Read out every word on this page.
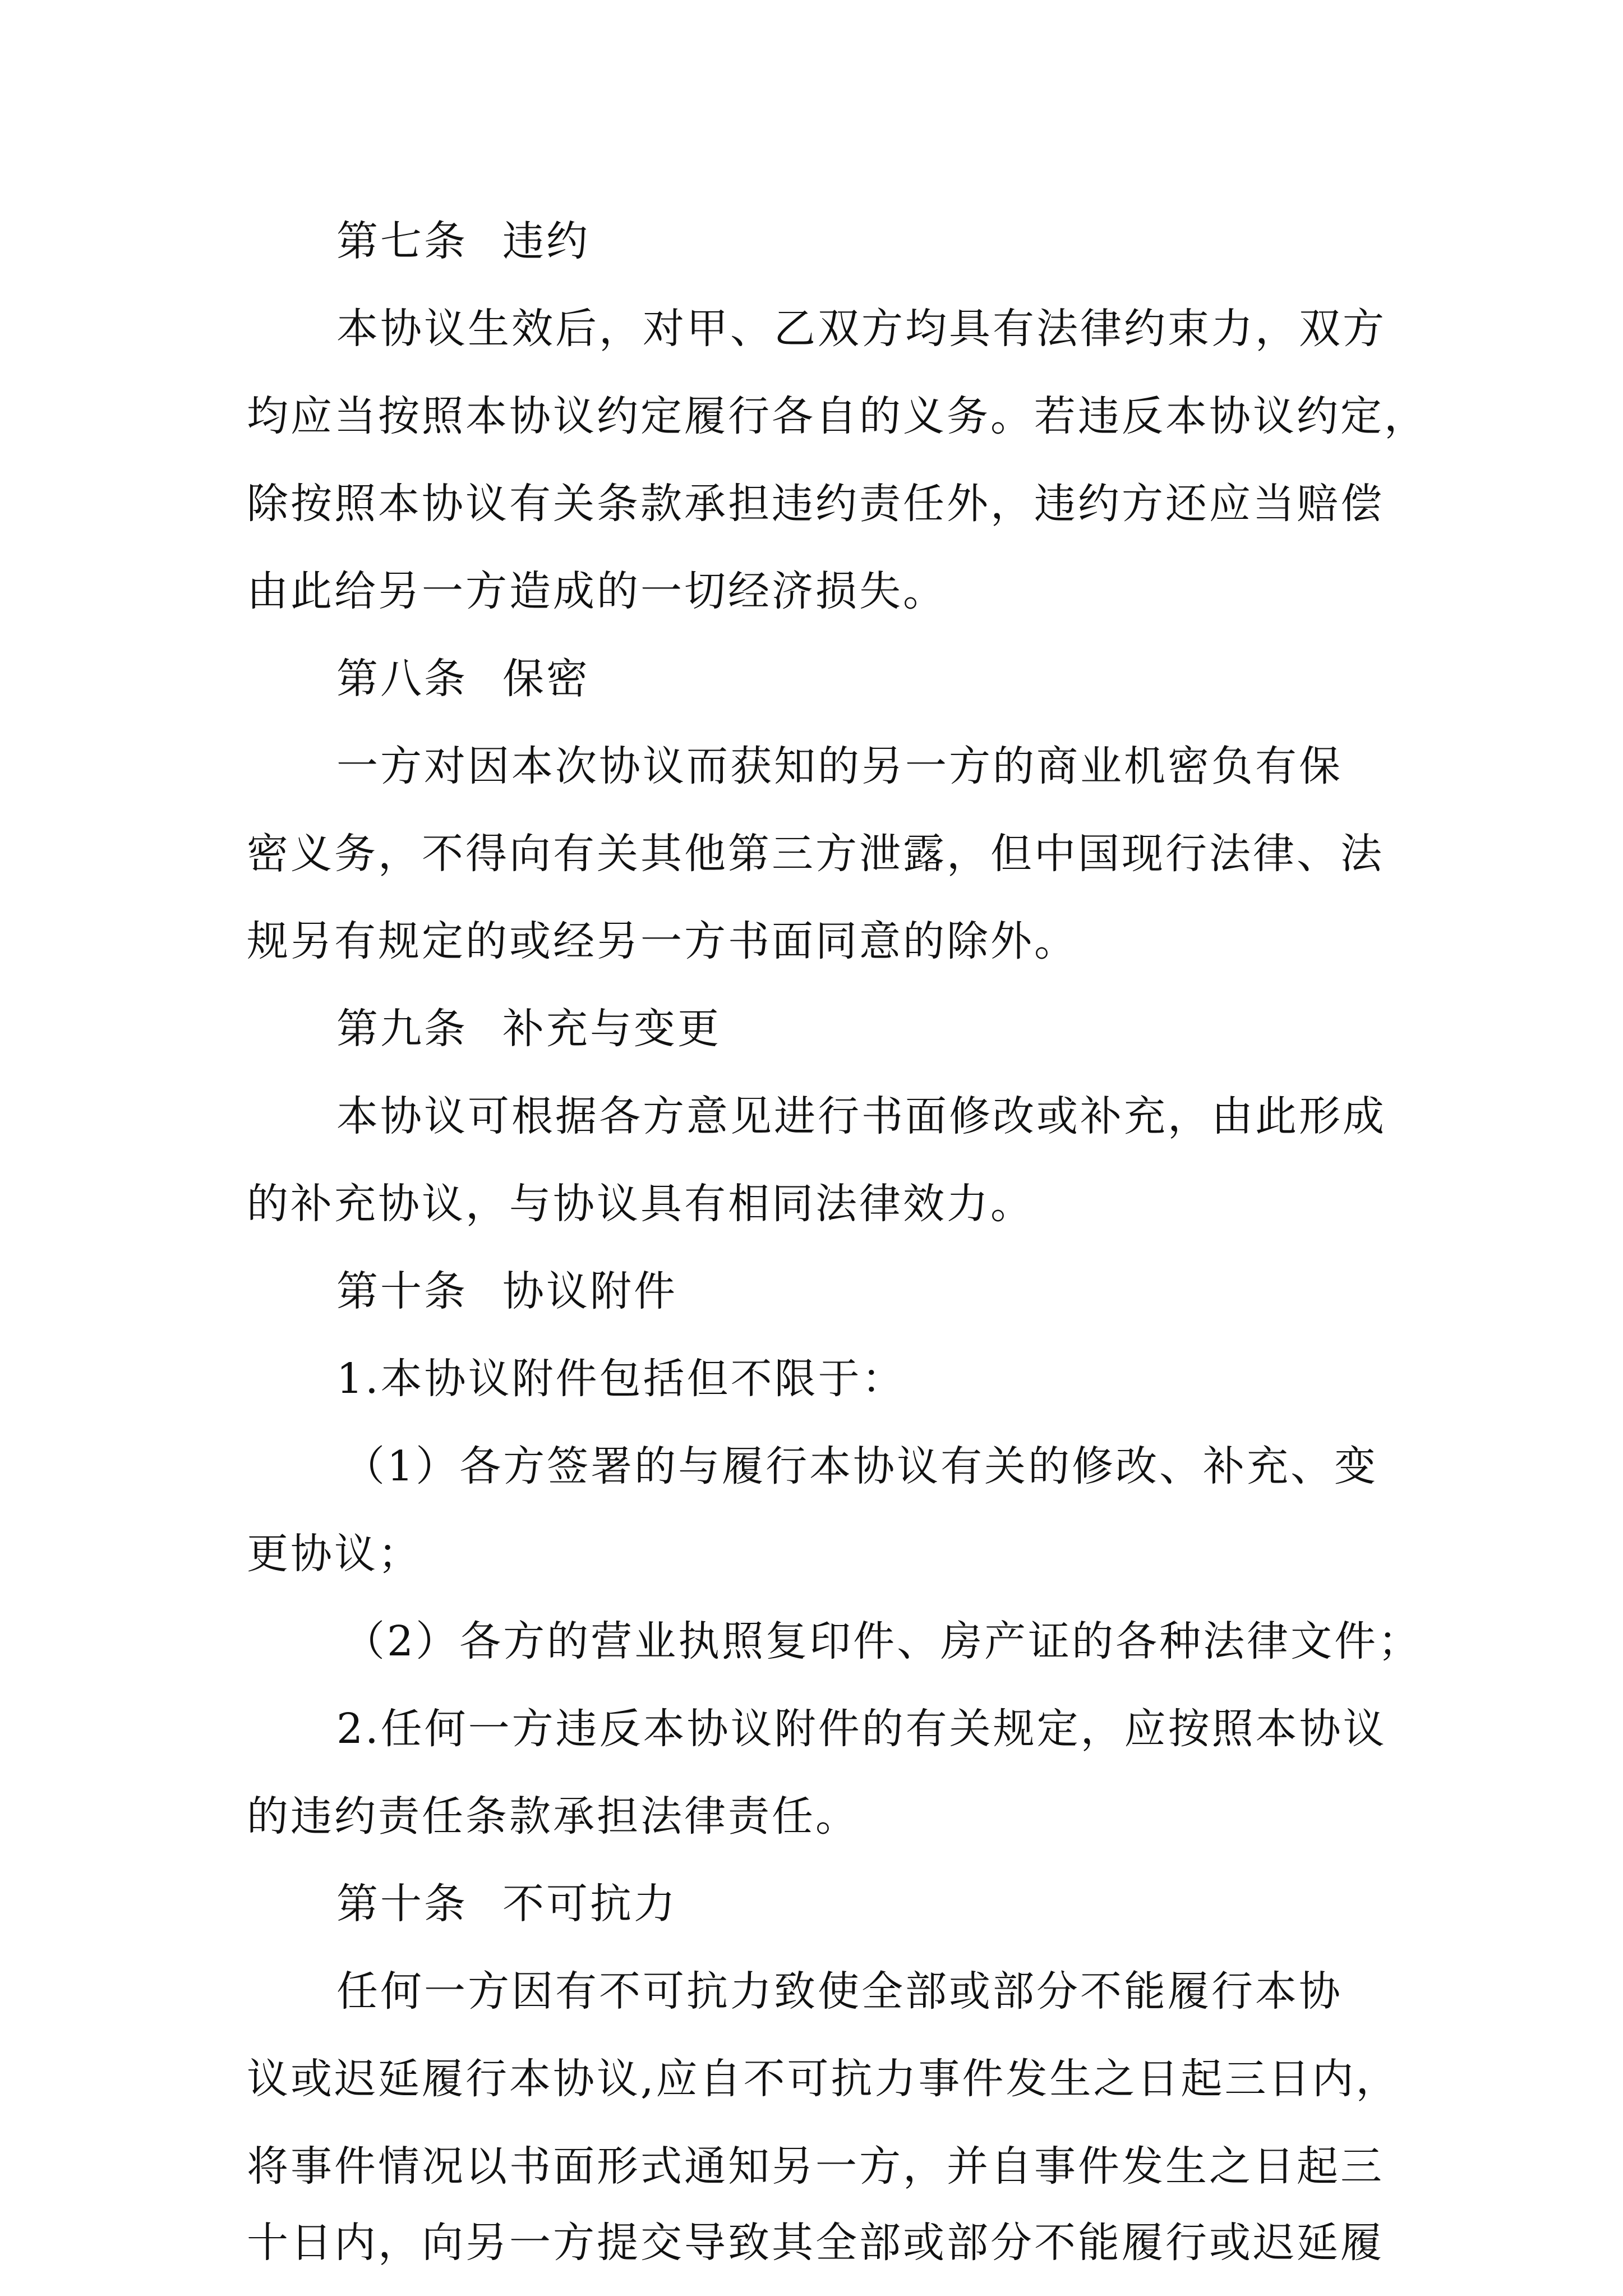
第七条 违约
本协议生效后，对甲、乙双方均具有法律约束力，双方
均应当按照本协议约定履行各自的义务。若违反本协议约定，
除按照本协议有关条款承担违约责任外，违约方还应当赔偿
由此给另一方造成的一切经济损失。
第八条 保密
一方对因本次协议而获知的另一方的商业机密负有保
密义务，不得向有关其他第三方泄露，但中国现行法律、法
规另有规定的或经另一方书面同意的除外。
第九条 补充与变更
本协议可根据各方意见进行书面修改或补充，由此形成
的补充协议，与协议具有相同法律效力。
第十条 协议附件
1.本协议附件包括但不限于：
（1）各方签署的与履行本协议有关的修改、补充、变
更协议；
（2）各方的营业执照复印件、房产证的各种法律文件；
2.任何一方违反本协议附件的有关规定，应按照本协议
的违约责任条款承担法律责任。
第十条 不可抗力
任何一方因有不可抗力致使全部或部分不能履行本协
议或迟延履行本协议,应自不可抗力事件发生之日起三日内，
将事件情况以书面形式通知另一方，并自事件发生之日起三
十日内，向另一方提交导致其全部或部分不能履行或迟延履
